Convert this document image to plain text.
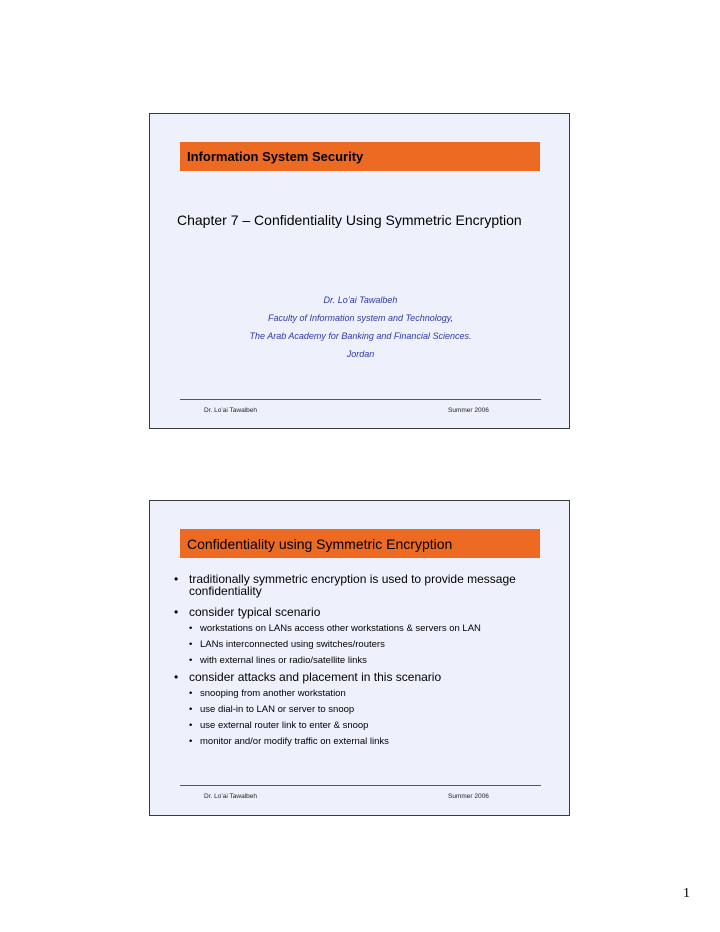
Information System Security
Chapter 7 – Confidentiality Using Symmetric Encryption
Dr. Lo’ai Tawalbeh
Faculty of Information system and Technology,
The Arab Academy for Banking and Financial Sciences.
Jordan
Dr. Lo’ai Tawalbeh	Summer 2006
Confidentiality using Symmetric Encryption
• traditionally symmetric encryption is used to provide message confidentiality
• consider typical scenario
• workstations on LANs access other workstations & servers on LAN
• LANs interconnected using switches/routers
• with external lines or radio/satellite links
• consider attacks and placement in this scenario
• snooping from another workstation
• use dial-in to LAN or server to snoop
• use external router link to enter & snoop
• monitor and/or modify traffic on external links
Dr. Lo’ai Tawalbeh	Summer 2006
1
